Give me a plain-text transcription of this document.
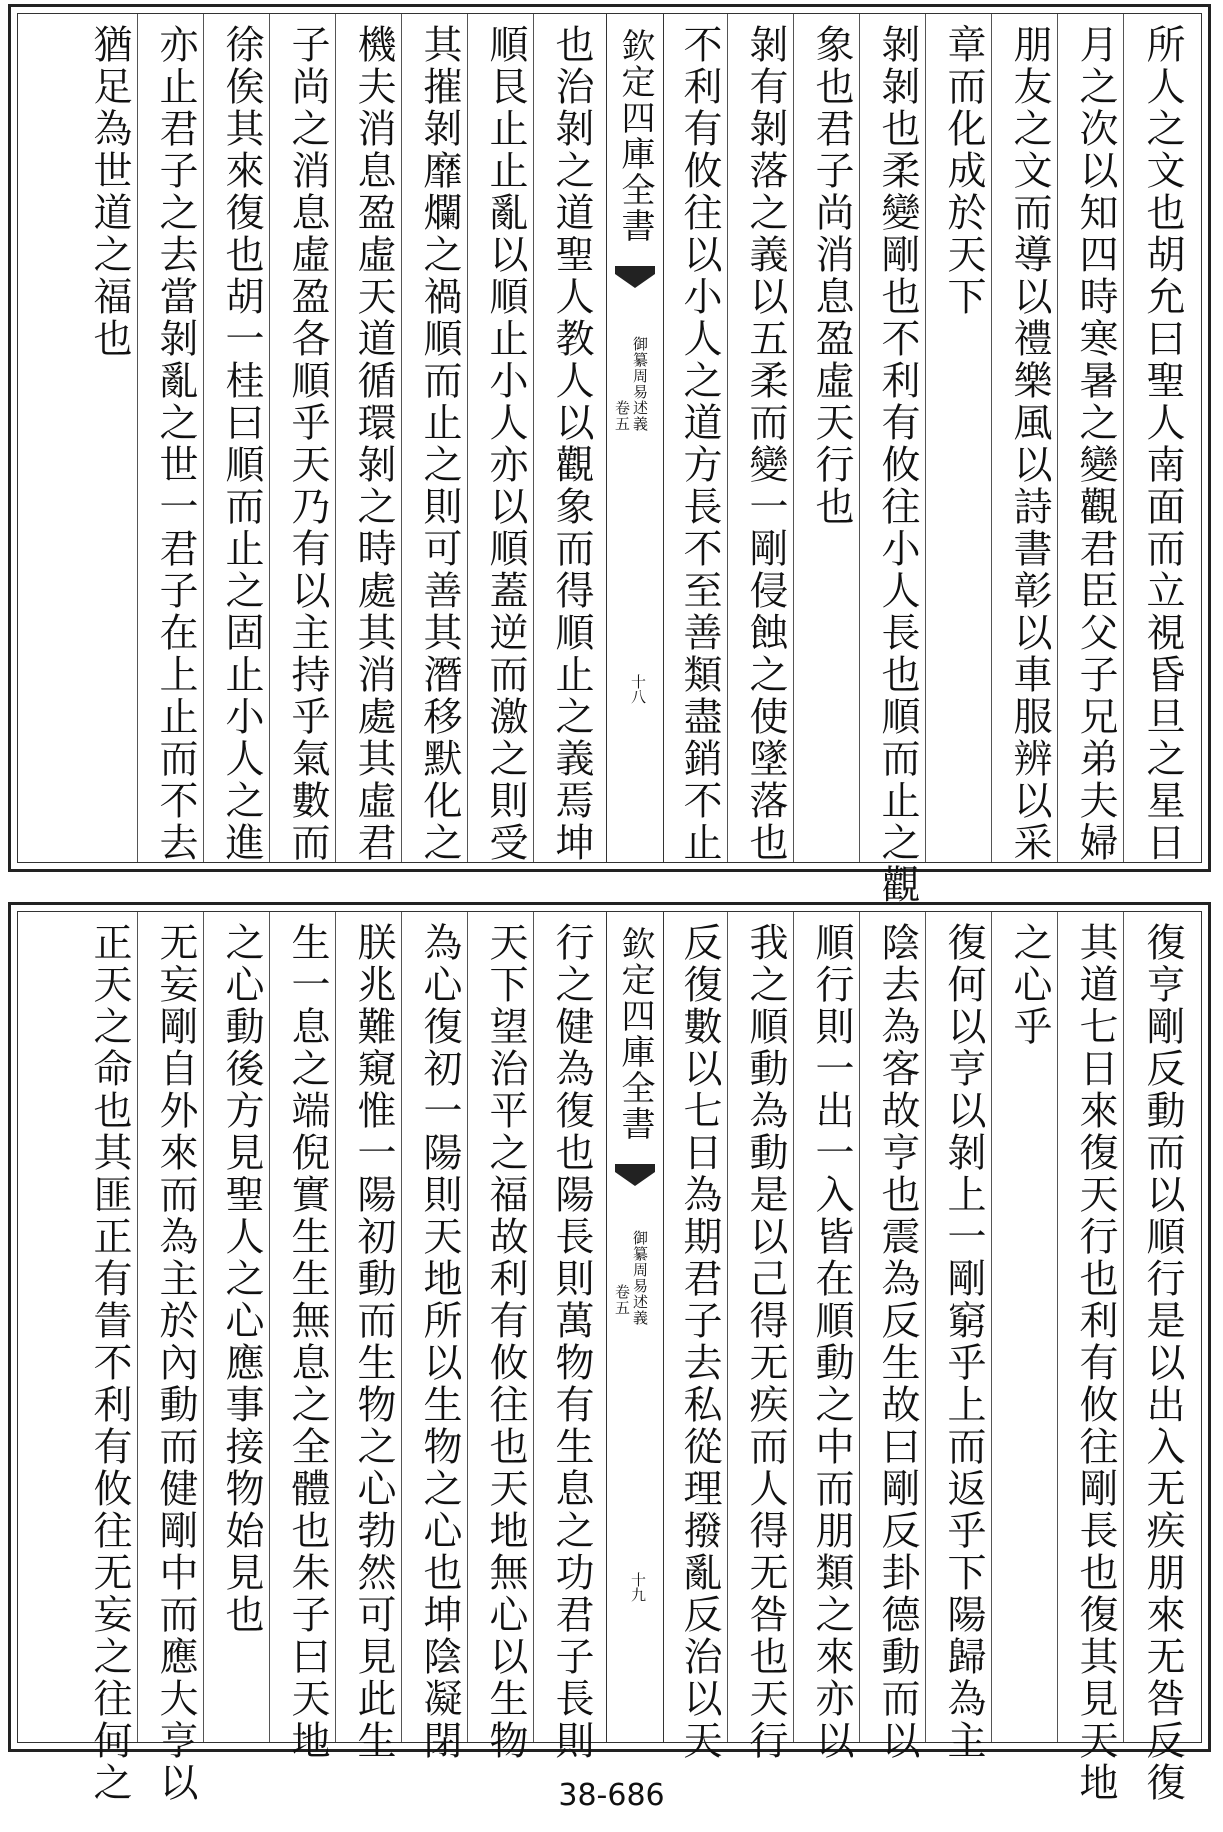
所人之文也胡允曰聖人南面而立視昏旦之星日
月之次以知四時寒暑之變觀君臣父子兄弟夫婦
朋友之文而導以禮樂風以詩書彰以車服辨以采
章而化成於天下
剝剝也柔變剛也不利有攸往小人長也順而止之觀
象也君子尚消息盈虛天行也
剝有剝落之義以五柔而變一剛侵蝕之使墜落也
不利有攸往以小人之道方長不至善類盡銷不止
欽定四庫全書
御纂周易述義
卷五
十八
也治剝之道聖人教人以觀象而得順止之義焉坤
順艮止止亂以順止小人亦以順蓋逆而激之則受
其摧剝靡爛之禍順而止之則可善其潛移默化之
機夫消息盈虛天道循環剝之時處其消處其虛君
子尚之消息虛盈各順乎天乃有以主持乎氣數而
徐俟其來復也胡一桂曰順而止之固止小人之進
亦止君子之去當剝亂之世一君子在上止而不去
猶足為世道之福也
復亨剛反動而以順行是以出入无疾朋來无咎反復
其道七日來復天行也利有攸往剛長也復其見天地
之心乎
復何以亨以剝上一剛窮乎上而返乎下陽歸為主
陰去為客故亨也震為反生故曰剛反卦德動而以
順行則一出一入皆在順動之中而朋類之來亦以
我之順動為動是以己得无疾而人得无咎也天行
反復數以七日為期君子去私從理撥亂反治以天
欽定四庫全書
御纂周易述義
卷五
十九
行之健為復也陽長則萬物有生息之功君子長則
天下望治平之福故利有攸往也天地無心以生物
為心復初一陽則天地所以生物之心也坤陰凝閉
朕兆難窺惟一陽初動而生物之心勃然可見此生
生一息之端倪實生生無息之全體也朱子曰天地
之心動後方見聖人之心應事接物始見也
无妄剛自外來而為主於內動而健剛中而應大亨以
正天之命也其匪正有眚不利有攸往无妄之往何之	38-686
